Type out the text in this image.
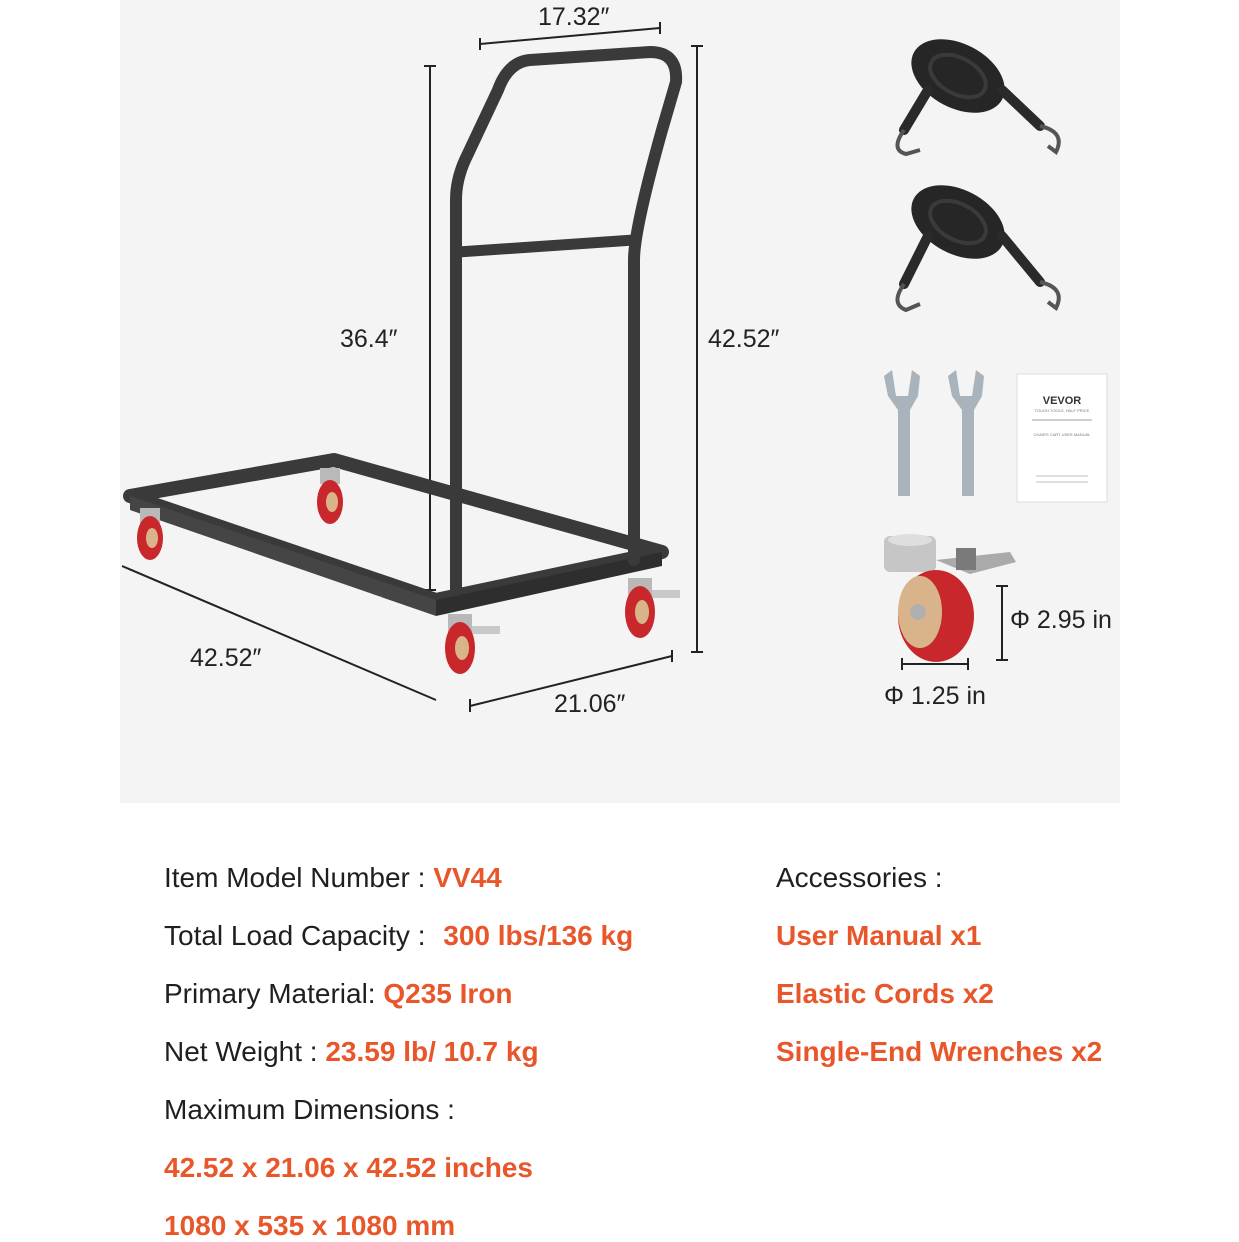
VEVOR
TOUGH TOOLS, HALF PRICE
CHAIRS CART USER MANUAL
17.32″
36.4″	42.52″
42.52″
21.06″
Φ 2.95 in
Φ 1.25 in
Item Model Number : VV44
Total Load Capacity : 300 lbs/136 kg
Primary Material: Q235 Iron
Net Weight : 23.59 lb/ 10.7 kg
Maximum Dimensions :
42.52 x 21.06 x 42.52 inches
1080 x 535 x 1080 mm
Accessories :
User Manual x1
Elastic Cords x2
Single-End Wrenches x2
